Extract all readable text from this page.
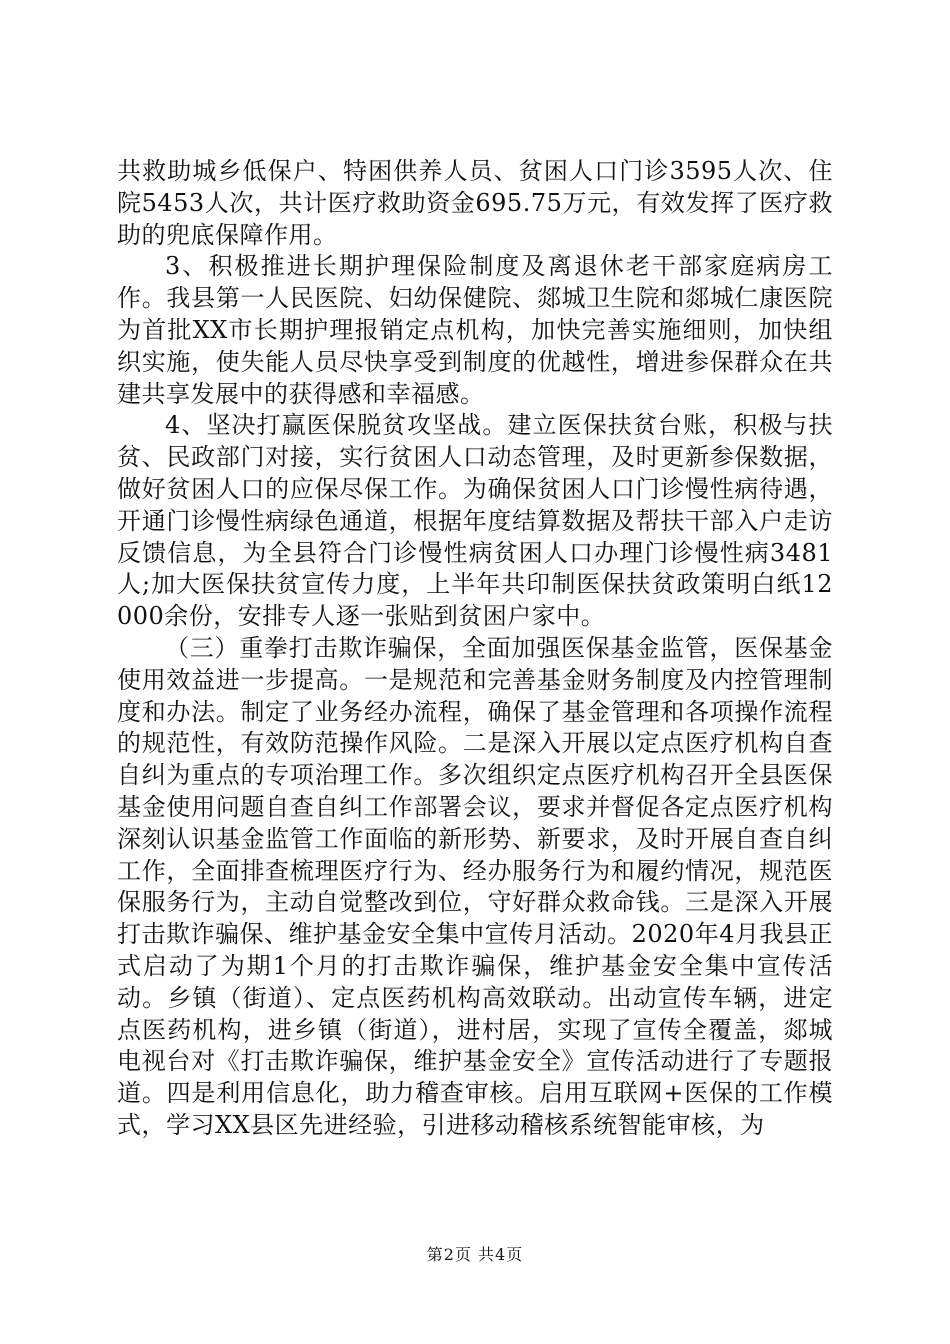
共救助城乡低保户、特困供养人员、贫困人口门诊3595人次、住院5453人次，共计医疗救助资金695.75万元，有效发挥了医疗救助的兜底保障作用。

3、积极推进长期护理保险制度及离退休老干部家庭病房工作。我县第一人民医院、妇幼保健院、郯城卫生院和郯城仁康医院为首批XX市长期护理报销定点机构，加快完善实施细则，加快组织实施，使失能人员尽快享受到制度的优越性，增进参保群众在共建共享发展中的获得感和幸福感。

4、坚决打赢医保脱贫攻坚战。建立医保扶贫台账，积极与扶贫、民政部门对接，实行贫困人口动态管理，及时更新参保数据，做好贫困人口的应保尽保工作。为确保贫困人口门诊慢性病待遇，开通门诊慢性病绿色通道，根据年度结算数据及帮扶干部入户走访反馈信息，为全县符合门诊慢性病贫困人口办理门诊慢性病3481人;加大医保扶贫宣传力度，上半年共印制医保扶贫政策明白纸12000余份，安排专人逐一张贴到贫困户家中。

（三）重拳打击欺诈骗保，全面加强医保基金监管，医保基金使用效益进一步提高。一是规范和完善基金财务制度及内控管理制度和办法。制定了业务经办流程，确保了基金管理和各项操作流程的规范性，有效防范操作风险。二是深入开展以定点医疗机构自查自纠为重点的专项治理工作。多次组织定点医疗机构召开全县医保基金使用问题自查自纠工作部署会议，要求并督促各定点医疗机构深刻认识基金监管工作面临的新形势、新要求，及时开展自查自纠工作，全面排查梳理医疗行为、经办服务行为和履约情况，规范医保服务行为，主动自觉整改到位，守好群众救命钱。三是深入开展打击欺诈骗保、维护基金安全集中宣传月活动。2020年4月我县正式启动了为期1个月的打击欺诈骗保，维护基金安全集中宣传活动。乡镇（街道）、定点医药机构高效联动。出动宣传车辆，进定点医药机构，进乡镇（街道），进村居，实现了宣传全覆盖，郯城电视台对《打击欺诈骗保，维护基金安全》宣传活动进行了专题报道。四是利用信息化，助力稽查审核。启用互联网+医保的工作模式，学习XX县区先进经验，引进移动稽核系统智能审核，为

第2页 共4页
